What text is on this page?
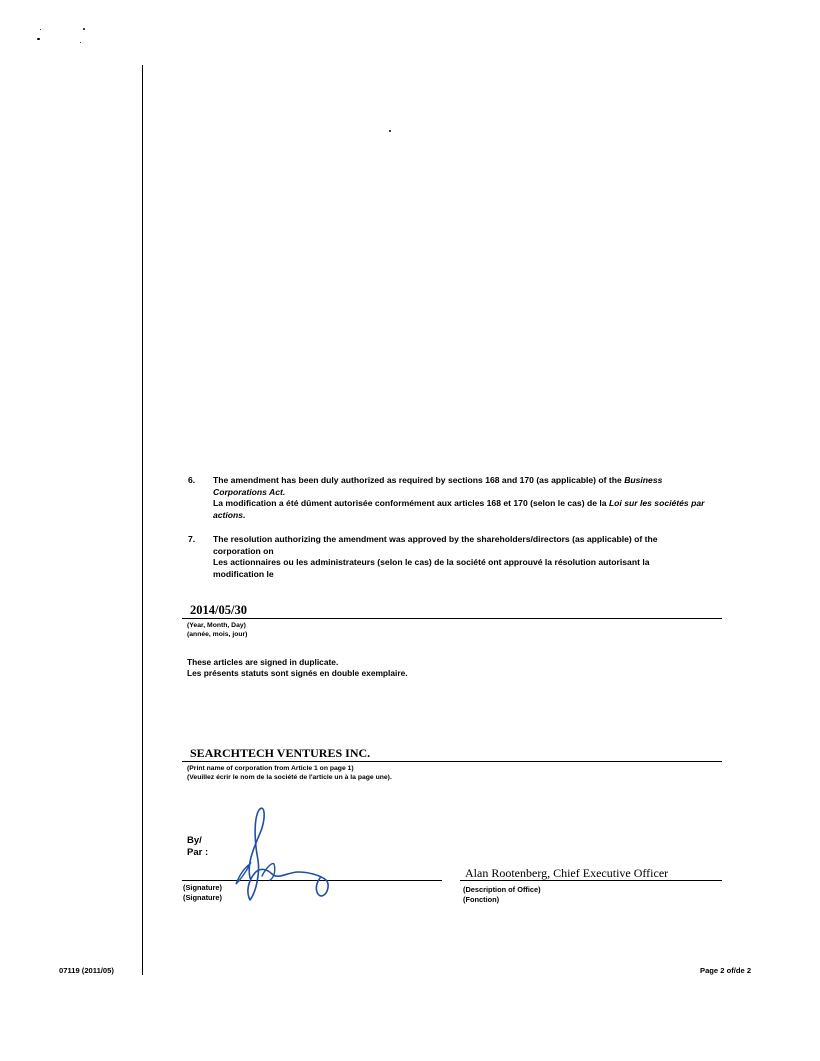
6. The amendment has been duly authorized as required by sections 168 and 170 (as applicable) of the Business Corporations Act.
La modification a été dûment autorisée conformément aux articles 168 et 170 (selon le cas) de la Loi sur les sociétés par actions.
7. The resolution authorizing the amendment was approved by the shareholders/directors (as applicable) of the corporation on
Les actionnaires ou les administrateurs (selon le cas) de la société ont approuvé la résolution autorisant la modification le
2014/05/30
(Year, Month, Day)
(année, mois, jour)
These articles are signed in duplicate.
Les présents statuts sont signés en double exemplaire.
SEARCHTECH VENTURES INC.
(Print name of corporation from Article 1 on page 1)
(Veuillez écrir le nom de la société de l'article un à la page une).
By/
Par :
(Signature)
(Signature)
Alan Rootenberg, Chief Executive Officer
(Description of Office)
(Fonction)
07119 (2011/05)	Page 2 of/de 2
